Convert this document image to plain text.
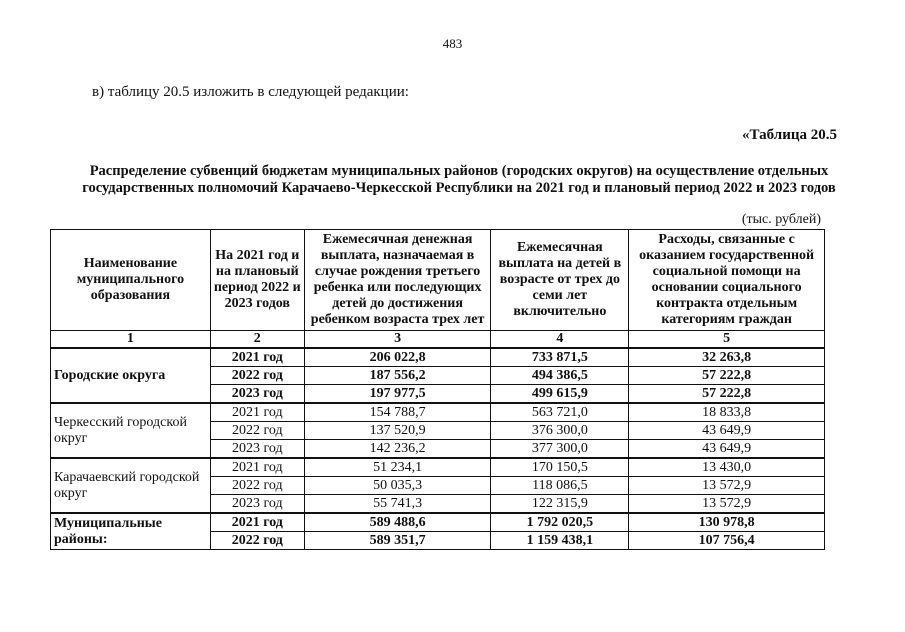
483
в) таблицу 20.5 изложить в следующей редакции:
«Таблица 20.5
Распределение субвенций бюджетам муниципальных районов (городских округов) на осуществление отдельных государственных полномочий Карачаево-Черкесской Республики на 2021 год и плановый период 2022 и 2023 годов
(тыс. рублей)
Наименование муниципального образования	На 2021 год и на плановый период 2022 и 2023 годов	Ежемесячная денежная выплата, назначаемая в случае рождения третьего ребенка или последующих детей до достижения ребенком возраста трех лет	Ежемесячная выплата на детей в возрасте от трех до семи лет включительно	Расходы, связанные с оказанием государственной социальной помощи на основании социального контракта отдельным категориям граждан
1	2	3	4	5
Городские округа	2021 год	206 022,8	733 871,5	32 263,8
	2022 год	187 556,2	494 386,5	57 222,8
	2023 год	197 977,5	499 615,9	57 222,8
Черкесский городской округ	2021 год	154 788,7	563 721,0	18 833,8
	2022 год	137 520,9	376 300,0	43 649,9
	2023 год	142 236,2	377 300,0	43 649,9
Карачаевский городской округ	2021 год	51 234,1	170 150,5	13 430,0
	2022 год	50 035,3	118 086,5	13 572,9
	2023 год	55 741,3	122 315,9	13 572,9
Муниципальные районы:	2021 год	589 488,6	1 792 020,5	130 978,8
	2022 год	589 351,7	1 159 438,1	107 756,4
